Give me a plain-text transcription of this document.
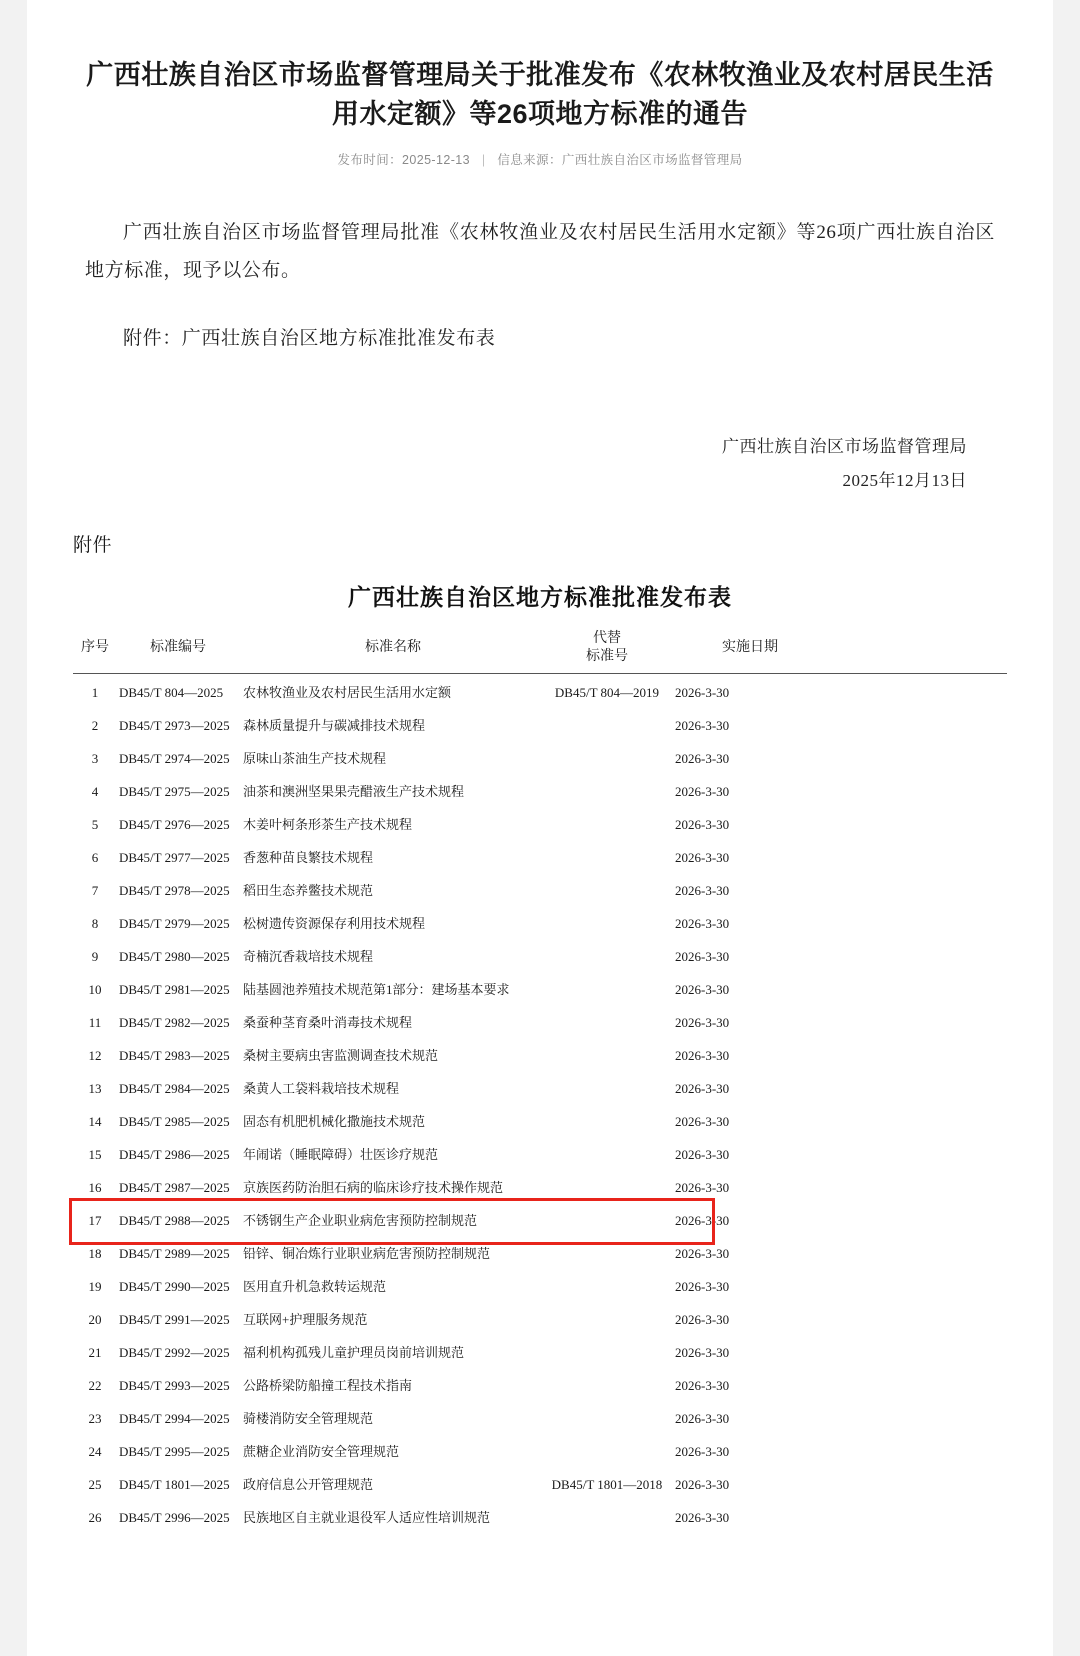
广西壮族自治区市场监督管理局关于批准发布《农林牧渔业及农村居民生活用水定额》等26项地方标准的通告
发布时间：2025-12-13 | 信息来源：广西壮族自治区市场监督管理局

广西壮族自治区市场监督管理局批准《农林牧渔业及农村居民生活用水定额》等26项广西壮族自治区地方标准，现予以公布。

附件：广西壮族自治区地方标准批准发布表

广西壮族自治区市场监督管理局
2025年12月13日
附件
广西壮族自治区地方标准批准发布表
序号	标准编号	标准名称	代替
标准号	实施日期	
1	DB45/T 804—2025	农林牧渔业及农村居民生活用水定额	DB45/T 804—2019	2026-3-30	
2	DB45/T 2973—2025	森林质量提升与碳减排技术规程		2026-3-30	
3	DB45/T 2974—2025	原味山茶油生产技术规程		2026-3-30	
4	DB45/T 2975—2025	油茶和澳洲坚果果壳醋液生产技术规程		2026-3-30	
5	DB45/T 2976—2025	木姜叶柯条形茶生产技术规程		2026-3-30	
6	DB45/T 2977—2025	香葱种苗良繁技术规程		2026-3-30	
7	DB45/T 2978—2025	稻田生态养鳖技术规范		2026-3-30	
8	DB45/T 2979—2025	松树遗传资源保存利用技术规程		2026-3-30	
9	DB45/T 2980—2025	奇楠沉香栽培技术规程		2026-3-30	
10	DB45/T 2981—2025	陆基圆池养殖技术规范第1部分：建场基本要求		2026-3-30	
11	DB45/T 2982—2025	桑蚕种茎育桑叶消毒技术规程		2026-3-30	
12	DB45/T 2983—2025	桑树主要病虫害监测调查技术规范		2026-3-30	
13	DB45/T 2984—2025	桑黄人工袋料栽培技术规程		2026-3-30	
14	DB45/T 2985—2025	固态有机肥机械化撒施技术规范		2026-3-30	
15	DB45/T 2986—2025	年闹诺（睡眠障碍）壮医诊疗规范		2026-3-30	
16	DB45/T 2987—2025	京族医药防治胆石病的临床诊疗技术操作规范		2026-3-30	
17	DB45/T 2988—2025	不锈钢生产企业职业病危害预防控制规范		2026-3-30	
18	DB45/T 2989—2025	铅锌、铜冶炼行业职业病危害预防控制规范		2026-3-30	
19	DB45/T 2990—2025	医用直升机急救转运规范		2026-3-30	
20	DB45/T 2991—2025	互联网+护理服务规范		2026-3-30	
21	DB45/T 2992—2025	福利机构孤残儿童护理员岗前培训规范		2026-3-30	
22	DB45/T 2993—2025	公路桥梁防船撞工程技术指南		2026-3-30	
23	DB45/T 2994—2025	骑楼消防安全管理规范		2026-3-30	
24	DB45/T 2995—2025	蔗糖企业消防安全管理规范		2026-3-30	
25	DB45/T 1801—2025	政府信息公开管理规范	DB45/T 1801—2018	2026-3-30	
26	DB45/T 2996—2025	民族地区自主就业退役军人适应性培训规范		2026-3-30	
